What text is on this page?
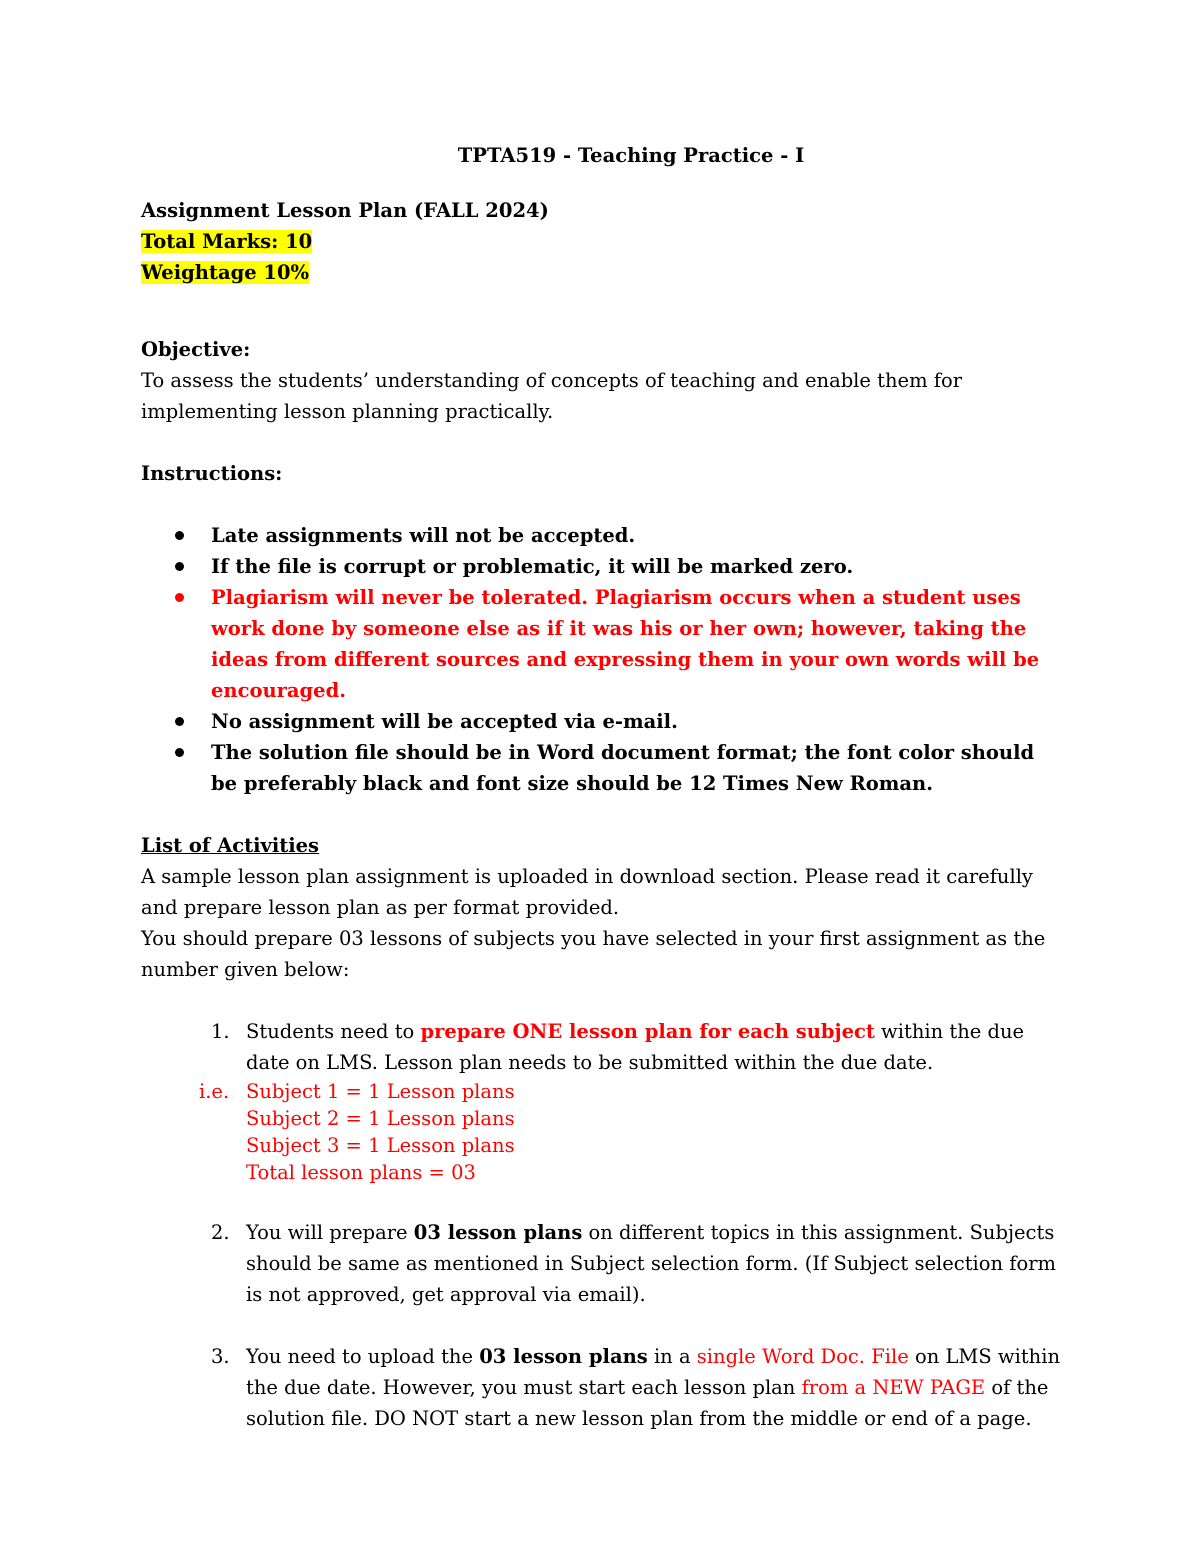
TPTA519 - Teaching Practice - I

Assignment Lesson Plan (FALL 2024)

Total Marks: 10

Weightage 10%

Objective:

To assess the students’ understanding of concepts of teaching and enable them for implementing lesson planning practically.

Instructions:

Late assignments will not be accepted.
If the file is corrupt or problematic, it will be marked zero.
Plagiarism will never be tolerated. Plagiarism occurs when a student uses work done by someone else as if it was his or her own; however, taking the ideas from different sources and expressing them in your own words will be encouraged.
No assignment will be accepted via e-mail.
The solution file should be in Word document format; the font color should be preferably black and font size should be 12 Times New Roman.

List of Activities

A sample lesson plan assignment is uploaded in download section. Please read it carefully and prepare lesson plan as per format provided.

You should prepare 03 lessons of subjects you have selected in your first assignment as the number given below:

1. Students need to prepare ONE lesson plan for each subject within the due date on LMS. Lesson plan needs to be submitted within the due date.
i.e. Subject 1 = 1 Lesson plans
Subject 2 = 1 Lesson plans
Subject 3 = 1 Lesson plans
Total lesson plans = 03
2. You will prepare 03 lesson plans on different topics in this assignment. Subjects should be same as mentioned in Subject selection form. (If Subject selection form is not approved, get approval via email).
3. You need to upload the 03 lesson plans in a single Word Doc. File on LMS within the due date. However, you must start each lesson plan from a NEW PAGE of the solution file. DO NOT start a new lesson plan from the middle or end of a page.
